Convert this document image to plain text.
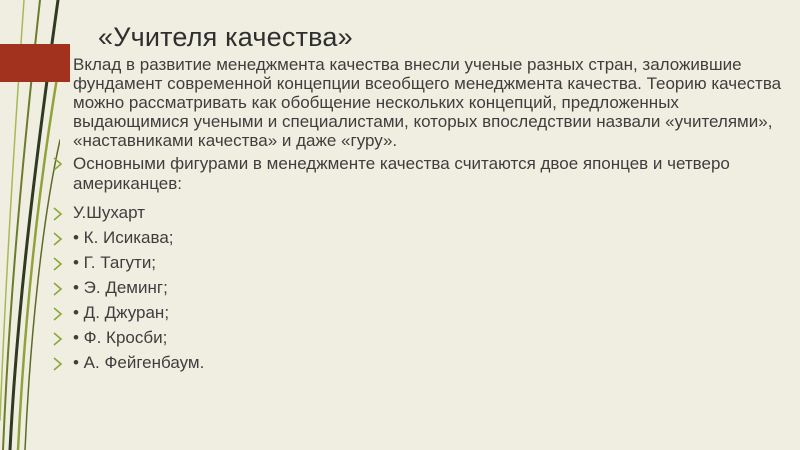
«Учителя качества»
Вклад в развитие менеджмента качества внесли ученые разных стран, заложившие фундамент современной концепции всеобщего менеджмента качества. Теорию качества можно рассматривать как обобщение нескольких концепций, предложенных выдающимися учеными и специалистами, которых впоследствии назвали «учителями», «наставниками качества» и даже «гуру».
Основными фигурами в менеджменте качества считаются двое японцев и четверо американцев:
У.Шухарт
• К. Исикава;
• Г. Тагути;
• Э. Деминг;
• Д. Джуран;
• Ф. Кросби;
• А. Фейгенбаум.
